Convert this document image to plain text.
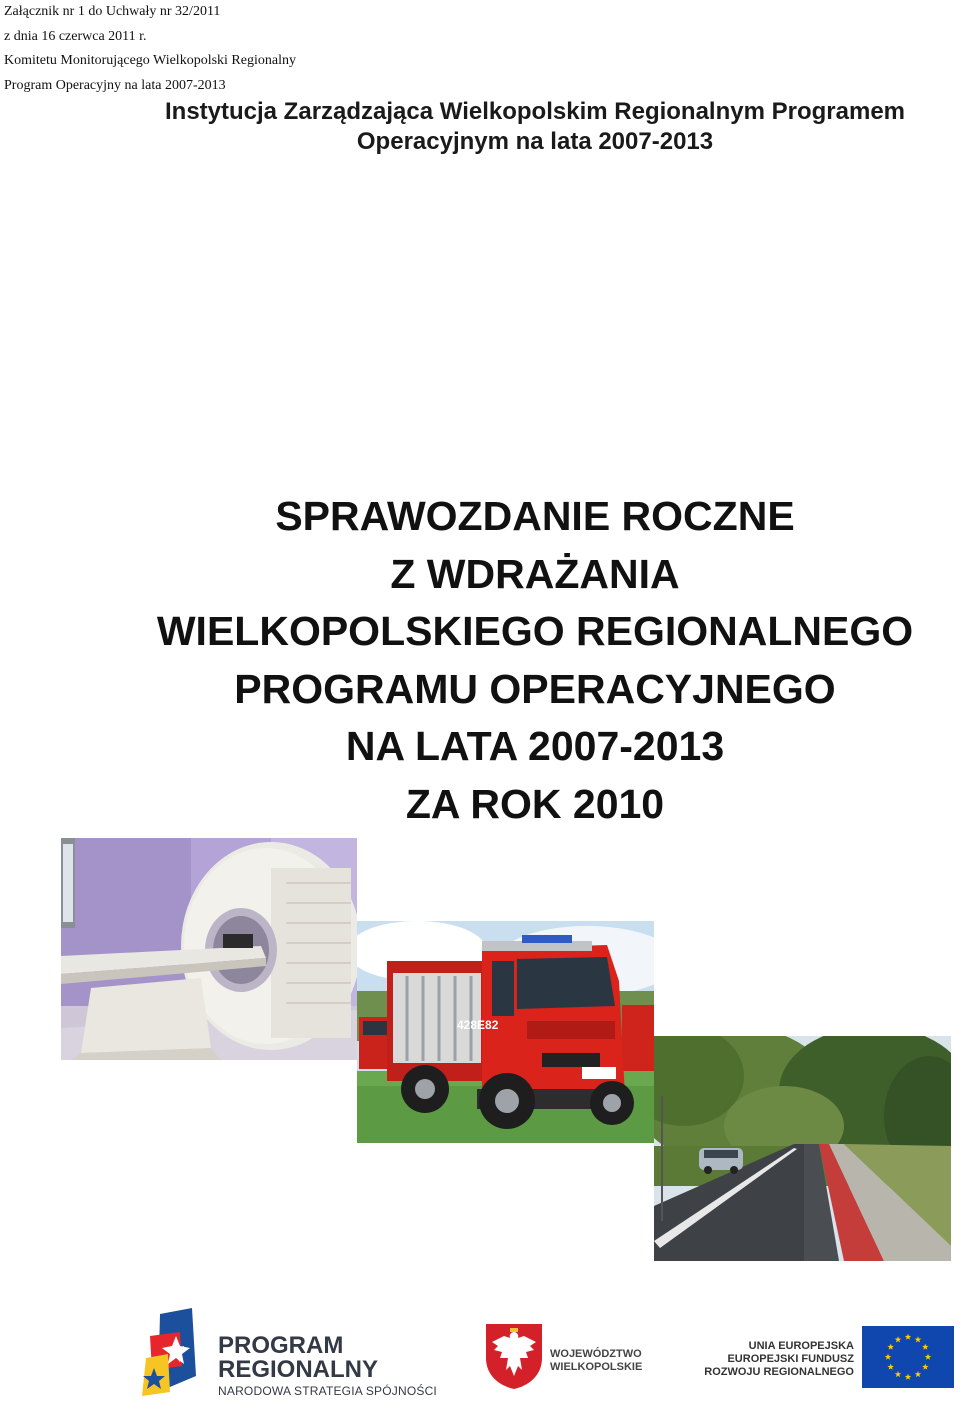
Załącznik nr 1 do Uchwały nr 32/2011
z dnia 16 czerwca 2011 r.
Komitetu Monitorującego Wielkopolski Regionalny
Program Operacyjny na lata 2007-2013
Instytucja Zarządzająca Wielkopolskim Regionalnym Programem
Operacyjnym na lata 2007-2013
SPRAWOZDANIE ROCZNE
Z WDRAŻANIA
WIELKOPOLSKIEGO REGIONALNEGO
PROGRAMU OPERACYJNEGO
NA LATA 2007-2013
ZA ROK 2010
428E82
PROGRAM
REGIONALNY
NARODOWA STRATEGIA SPÓJNOŚCI
WOJEWÓDZTWO
WIELKOPOLSKIE
UNIA EUROPEJSKA
EUROPEJSKI FUNDUSZ
ROZWOJU REGIONALNEGO
